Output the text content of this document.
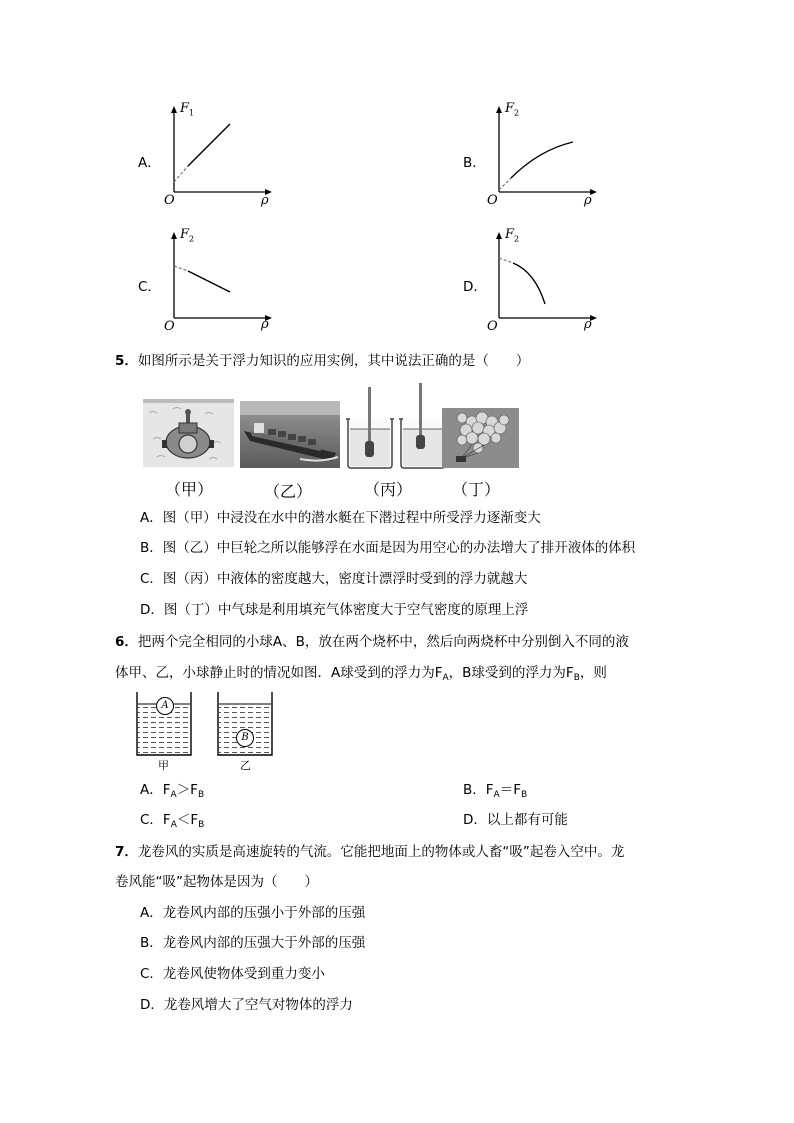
A．
$F_1$
O	ρ
B．
$F_2$
O	ρ
C．
$F_2$
O	ρ
D．
$F_2$
O	ρ
5．如图所示是关于浮力知识的应用实例，其中说法正确的是（　　）
（甲）	（乙）	（丙） （丁）
A．图（甲）中浸没在水中的潜水艇在下潜过程中所受浮力逐渐变大
B．图（乙）中巨轮之所以能够浮在水面是因为用空心的办法增大了排开液体的体积
C．图（丙）中液体的密度越大，密度计漂浮时受到的浮力就越大
D．图（丁）中气球是利用填充气体密度大于空气密度的原理上浮
6．把两个完全相同的小球A、B，放在两个烧杯中，然后向两烧杯中分别倒入不同的液
体甲、乙，小球静止时的情况如图．A球受到的浮力为$F_A$，B球受到的浮力为$F_B$，则
A
甲
B
乙
A．$F_A>F_B$	B．$F_A=F_B$
C．$F_A<F_B$	D．以上都有可能
7．龙卷风的实质是高速旋转的气流。它能把地面上的物体或人畜“吸”起卷入空中。龙
卷风能“吸”起物体是因为（　　）
A．龙卷风内部的压强小于外部的压强
B．龙卷风内部的压强大于外部的压强
C．龙卷风使物体受到重力变小
D．龙卷风增大了空气对物体的浮力
